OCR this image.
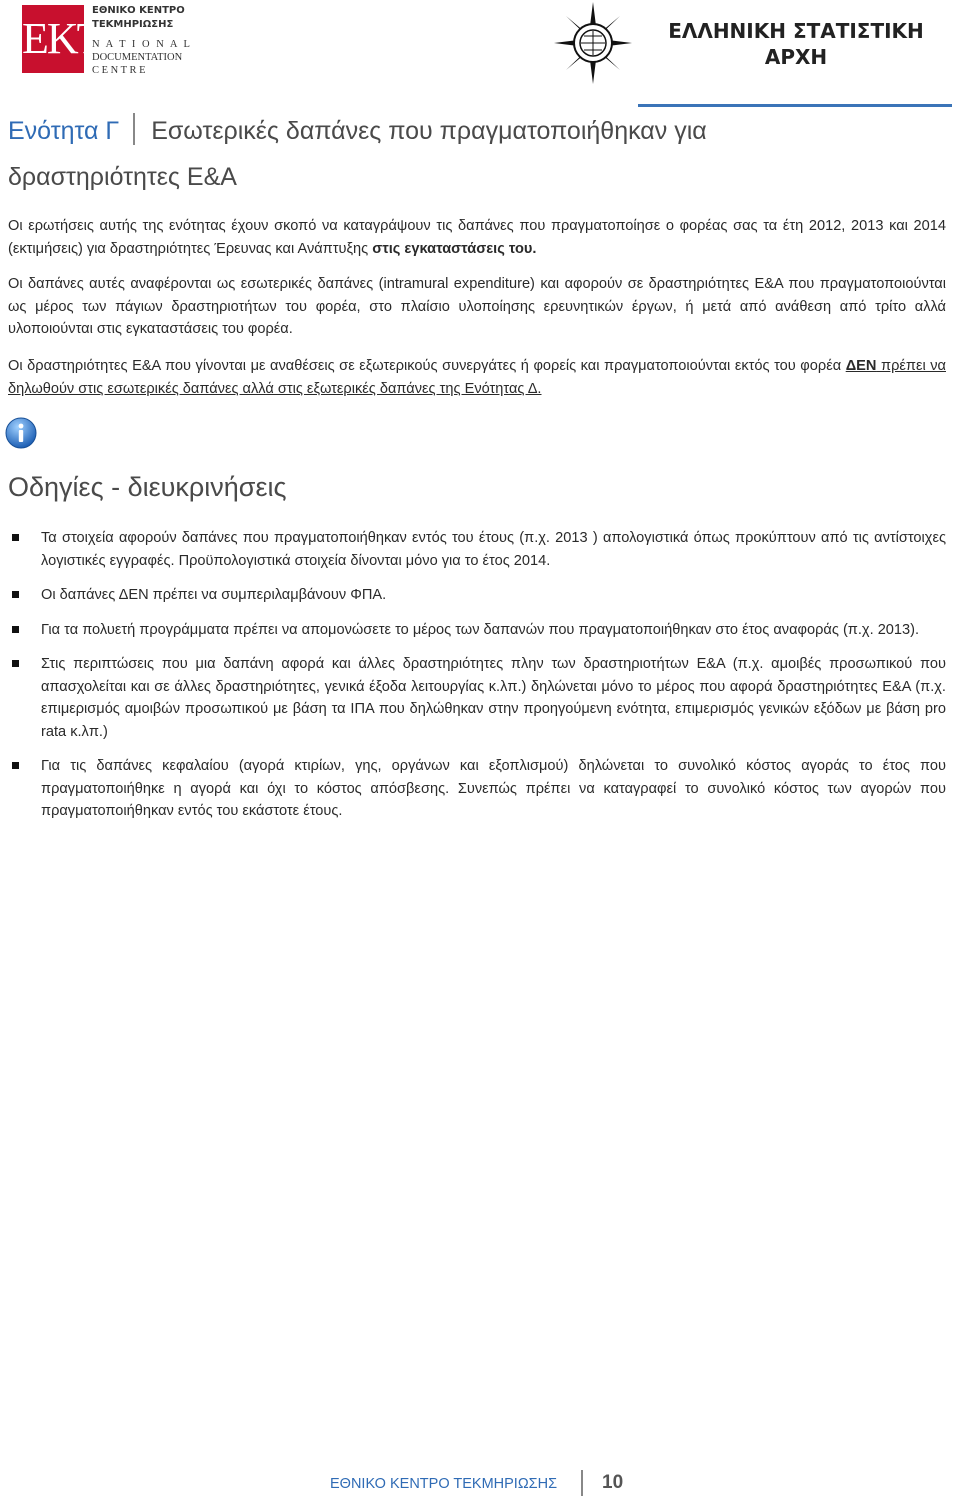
EKT
ΕΘΝΙΚΟ ΚΕΝΤΡΟ
ΤΕΚΜΗΡΙΩΣΗΣ
N A T I O N A L
DOCUMENTATION
C E N T R E
ΕΛΛΗΝΙΚΗ ΣΤΑΤΙΣΤΙΚΗ
ΑΡΧΗ
Ενότητα Γ Εσωτερικές δαπάνες που πραγματοποιήθηκαν για
δραστηριότητες Ε&Α
Οι ερωτήσεις αυτής της ενότητας έχουν σκοπό να καταγράψουν τις δαπάνες που πραγματοποίησε ο φορέας σας τα έτη 2012, 2013 και 2014 (εκτιμήσεις) για δραστηριότητες Έρευνας και Ανάπτυξης στις εγκαταστάσεις του.
Οι δαπάνες αυτές αναφέρονται ως εσωτερικές δαπάνες (intramural expenditure) και αφορούν σε δραστηριότητες Ε&Α που πραγματοποιούνται ως μέρος των πάγιων δραστηριοτήτων του φορέα, στο πλαίσιο υλοποίησης ερευνητικών έργων, ή μετά από ανάθεση από τρίτο αλλά υλοποιούνται στις εγκαταστάσεις του φορέα.
Οι δραστηριότητες Ε&Α που γίνονται με αναθέσεις σε εξωτερικούς συνεργάτες ή φορείς και πραγματοποιούνται εκτός του φορέα ΔΕΝ πρέπει να δηλωθούν στις εσωτερικές δαπάνες αλλά στις εξωτερικές δαπάνες της Ενότητας Δ.
Οδηγίες - διευκρινήσεις
Τα στοιχεία αφορούν δαπάνες που πραγματοποιήθηκαν εντός του έτους (π.χ. 2013 ) απολογιστικά όπως προκύπτουν από τις αντίστοιχες λογιστικές εγγραφές. Προϋπολογιστικά στοιχεία δίνονται μόνο για το έτος 2014.
Οι δαπάνες ΔΕΝ πρέπει να συμπεριλαμβάνουν ΦΠΑ.
Για τα πολυετή προγράμματα πρέπει να απομονώσετε το μέρος των δαπανών που πραγματοποιήθηκαν στο έτος αναφοράς (π.χ. 2013).
Στις περιπτώσεις που μια δαπάνη αφορά και άλλες δραστηριότητες πλην των δραστηριοτήτων Ε&Α (π.χ. αμοιβές προσωπικού που απασχολείται και σε άλλες δραστηριότητες, γενικά έξοδα λειτουργίας κ.λπ.) δηλώνεται μόνο το μέρος που αφορά δραστηριότητες Ε&Α (π.χ. επιμερισμός αμοιβών προσωπικού με βάση τα ΙΠΑ που δηλώθηκαν στην προηγούμενη ενότητα, επιμερισμός γενικών εξόδων με βάση pro rata κ.λπ.)
Για τις δαπάνες κεφαλαίου (αγορά κτιρίων, γης, οργάνων και εξοπλισμού) δηλώνεται το συνολικό κόστος αγοράς το έτος που πραγματοποιήθηκε η αγορά και όχι το κόστος απόσβεσης. Συνεπώς πρέπει να καταγραφεί το συνολικό κόστος των αγορών που πραγματοποιήθηκαν εντός του εκάστοτε έτους.
ΕΘΝΙΚΟ ΚΕΝΤΡΟ ΤΕΚΜΗΡΙΩΣΗΣ 10
